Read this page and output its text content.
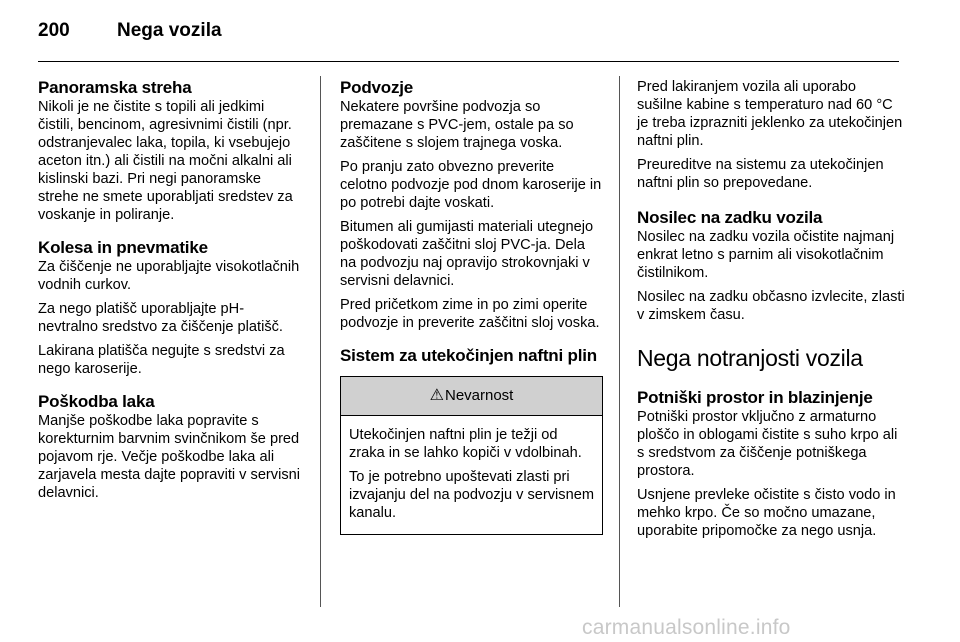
200 Nega vozila
Panoramska streha

Nikoli je ne čistite s topili ali jedkimi čistili, bencinom, agresivnimi čistili (npr. odstranjevalec laka, topila, ki vsebujejo aceton itn.) ali čistili na močni alkalni ali kislinski bazi. Pri negi panoramske strehe ne smete uporabljati sredstev za voskanje in poliranje.

Kolesa in pnevmatike

Za čiščenje ne uporabljajte visokotlačnih vodnih curkov.

Za nego platišč uporabljajte pH-nevtralno sredstvo za čiščenje platišč.

Lakirana platišča negujte s sredstvi za nego karoserije.

Poškodba laka

Manjše poškodbe laka popravite s korekturnim barvnim svinčnikom še pred pojavom rje. Večje poškodbe laka ali zarjavela mesta dajte popraviti v servisni delavnici.

Podvozje

Nekatere površine podvozja so premazane s PVC-jem, ostale pa so zaščitene s slojem trajnega voska.

Po pranju zato obvezno preverite celotno podvozje pod dnom karoserije in po potrebi dajte voskati.

Bitumen ali gumijasti materiali utegnejo poškodovati zaščitni sloj PVC-ja. Dela na podvozju naj opravijo strokovnjaki v servisni delavnici.

Pred pričetkom zime in po zimi operite podvozje in preverite zaščitni sloj voska.

Sistem za utekočinjen naftni plin
⚠ Nevarnost

Utekočinjen naftni plin je težji od zraka in se lahko kopiči v vdolbinah.

To je potrebno upoštevati zlasti pri izvajanju del na podvozju v servisnem kanalu.

Pred lakiranjem vozila ali uporabo sušilne kabine s temperaturo nad 60 °C je treba izprazniti jeklenko za utekočinjen naftni plin.

Preureditve na sistemu za utekočinjen naftni plin so prepovedane.

Nosilec na zadku vozila

Nosilec na zadku vozila očistite najmanj enkrat letno s parnim ali visokotlačnim čistilnikom.

Nosilec na zadku občasno izvlecite, zlasti v zimskem času.

Nega notranjosti vozila
Potniški prostor in blazinjenje

Potniški prostor vključno z armaturno ploščo in oblogami čistite s suho krpo ali s sredstvom za čiščenje potniškega prostora.

Usnjene prevleke očistite s čisto vodo in mehko krpo. Če so močno umazane, uporabite pripomočke za nego usnja.

carmanualsonline.info
